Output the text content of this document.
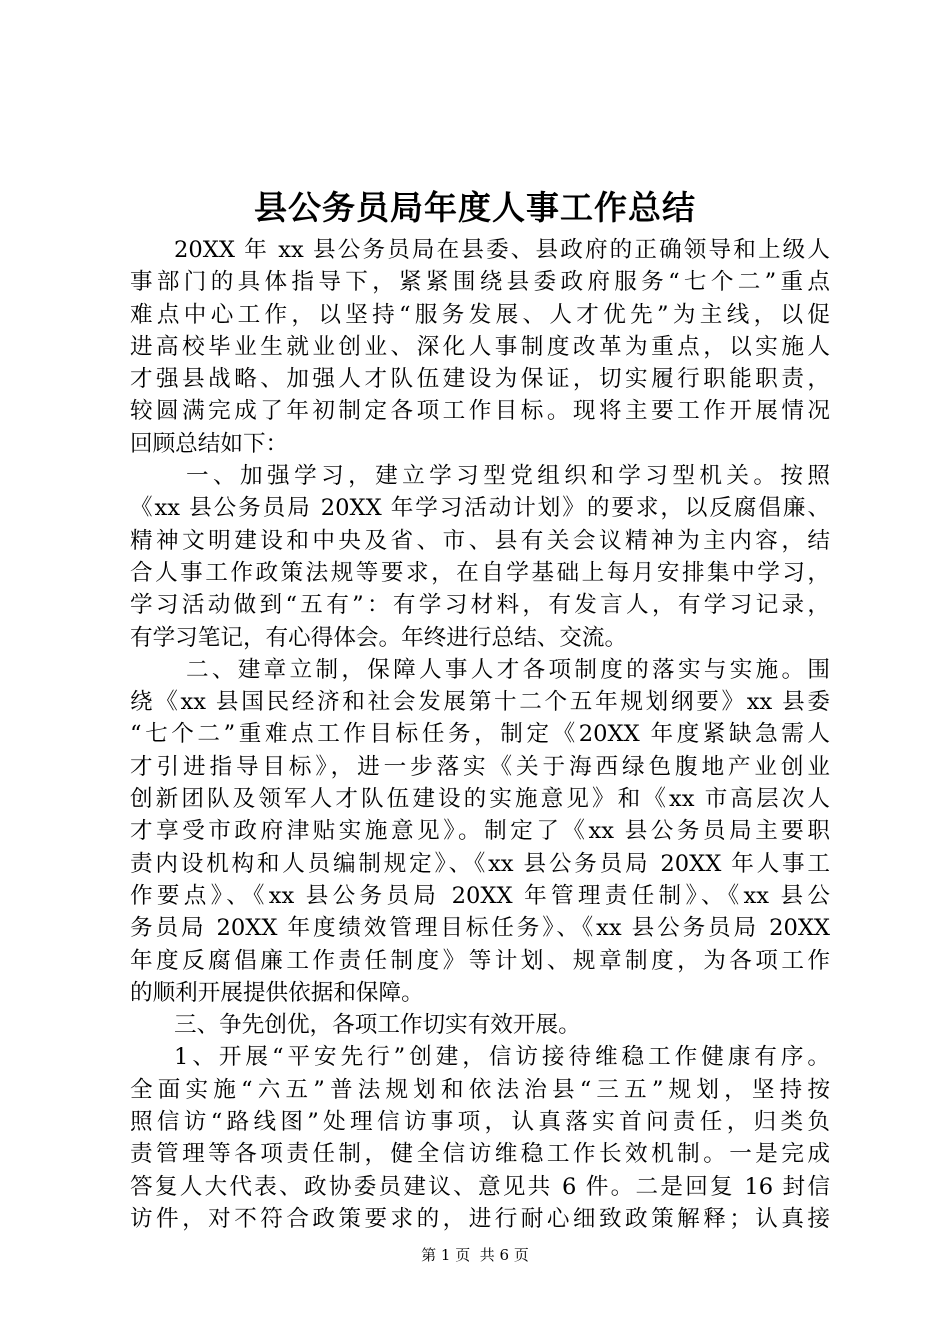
县公务员局年度人事工作总结
20XX 年 xx 县公务员局在县委、县政府的正确领导和上级人
事部门的具体指导下，紧紧围绕县委政府服务“七个二”重点
难点中心工作，以坚持“服务发展、人才优先”为主线，以促
进高校毕业生就业创业、深化人事制度改革为重点，以实施人
才强县战略、加强人才队伍建设为保证，切实履行职能职责，
较圆满完成了年初制定各项工作目标。现将主要工作开展情况
回顾总结如下：
一、加强学习，建立学习型党组织和学习型机关。按照
《xx 县公务员局 20XX 年学习活动计划》的要求，以反腐倡廉、
精神文明建设和中央及省、市、县有关会议精神为主内容，结
合人事工作政策法规等要求，在自学基础上每月安排集中学习，
学习活动做到“五有”：有学习材料，有发言人，有学习记录，
有学习笔记，有心得体会。年终进行总结、交流。
二、建章立制，保障人事人才各项制度的落实与实施。围
绕《xx 县国民经济和社会发展第十二个五年规划纲要》xx 县委
“七个二”重难点工作目标任务，制定《20XX 年度紧缺急需人
才引进指导目标》，进一步落实《关于海西绿色腹地产业创业
创新团队及领军人才队伍建设的实施意见》和《xx 市高层次人
才享受市政府津贴实施意见》。制定了《xx 县公务员局主要职
责内设机构和人员编制规定》、《xx 县公务员局 20XX 年人事工
作要点》、《xx 县公务员局 20XX 年管理责任制》、《xx 县公
务员局 20XX 年度绩效管理目标任务》、《xx 县公务员局 20XX
年度反腐倡廉工作责任制度》等计划、规章制度，为各项工作
的顺利开展提供依据和保障。
三、争先创优，各项工作切实有效开展。
1、开展“平安先行”创建，信访接待维稳工作健康有序。
全面实施“六五”普法规划和依法治县“三五”规划，坚持按
照信访“路线图”处理信访事项，认真落实首问责任，归类负
责管理等各项责任制，健全信访维稳工作长效机制。一是完成
答复人大代表、政协委员建议、意见共 6 件。二是回复 16 封信
访件，对不符合政策要求的，进行耐心细致政策解释；认真接
第 1 页  共 6 页
